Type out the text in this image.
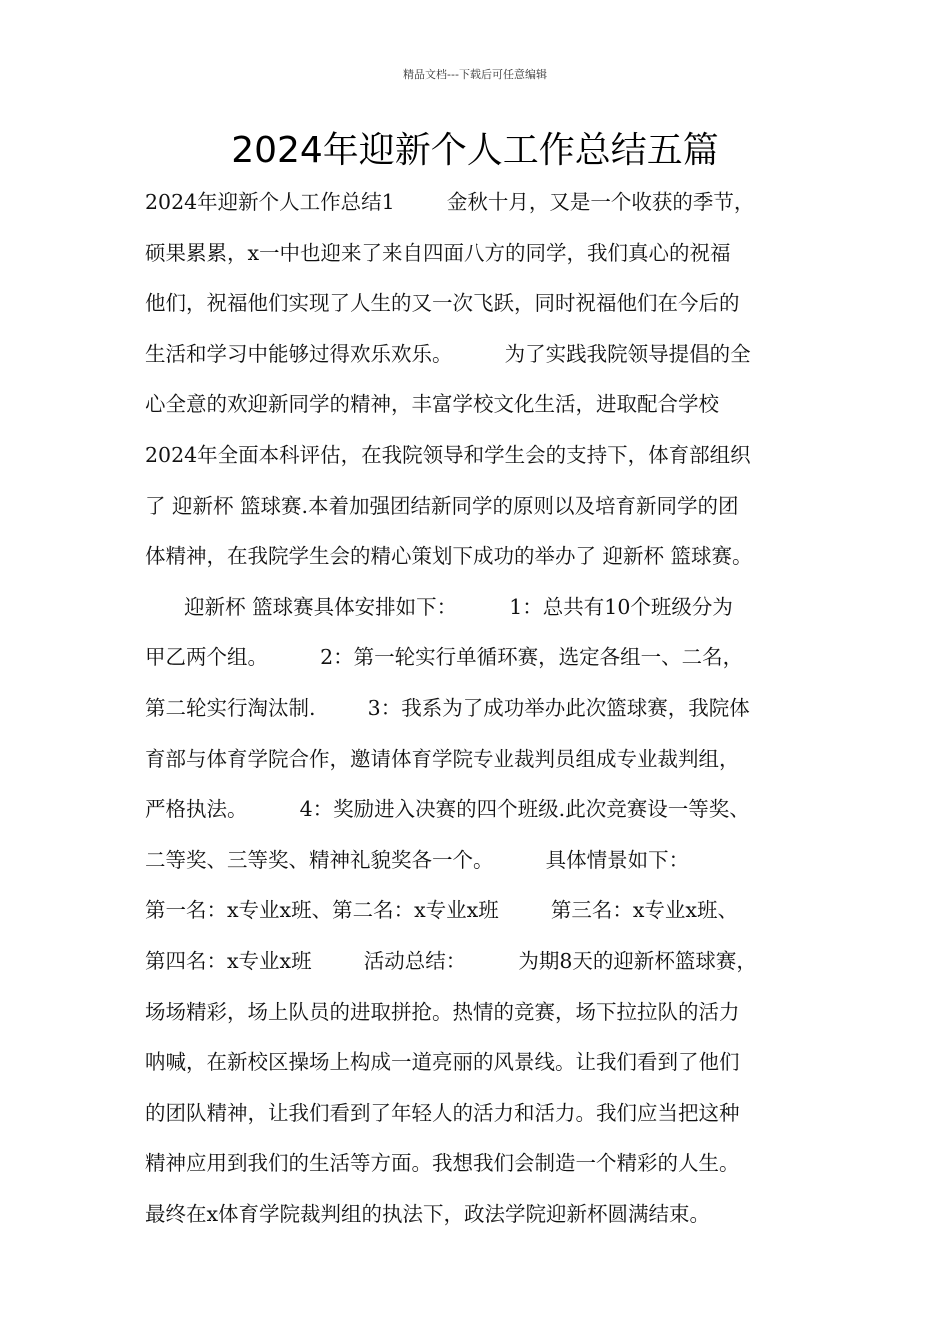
精品文档---下载后可任意编辑
2024年迎新个人工作总结五篇
2024年迎新个人工作总结1        金秋十月，又是一个收获的季节，
硕果累累，x一中也迎来了来自四面八方的同学，我们真心的祝福
他们，祝福他们实现了人生的又一次飞跃，同时祝福他们在今后的
生活和学习中能够过得欢乐欢乐。        为了实践我院领导提倡的全
心全意的欢迎新同学的精神，丰富学校文化生活，进取配合学校
2024年全面本科评估，在我院领导和学生会的支持下，体育部组织
了 迎新杯 篮球赛.本着加强团结新同学的原则以及培育新同学的团
体精神，在我院学生会的精心策划下成功的举办了 迎新杯 篮球赛。
迎新杯 篮球赛具体安排如下：        1：总共有10个班级分为
甲乙两个组。        2：第一轮实行单循环赛，选定各组一、二名，
第二轮实行淘汰制.        3：我系为了成功举办此次篮球赛，我院体
育部与体育学院合作，邀请体育学院专业裁判员组成专业裁判组，
严格执法。        4：奖励进入决赛的四个班级.此次竞赛设一等奖、
二等奖、三等奖、精神礼貌奖各一个。        具体情景如下：
第一名：x专业x班、第二名：x专业x班        第三名：x专业x班、
第四名：x专业x班        活动总结：        为期8天的迎新杯篮球赛，
场场精彩，场上队员的进取拼抢。热情的竞赛，场下拉拉队的活力
呐喊，在新校区操场上构成一道亮丽的风景线。让我们看到了他们
的团队精神，让我们看到了年轻人的活力和活力。我们应当把这种
精神应用到我们的生活等方面。我想我们会制造一个精彩的人生。
最终在x体育学院裁判组的执法下，政法学院迎新杯圆满结束。
